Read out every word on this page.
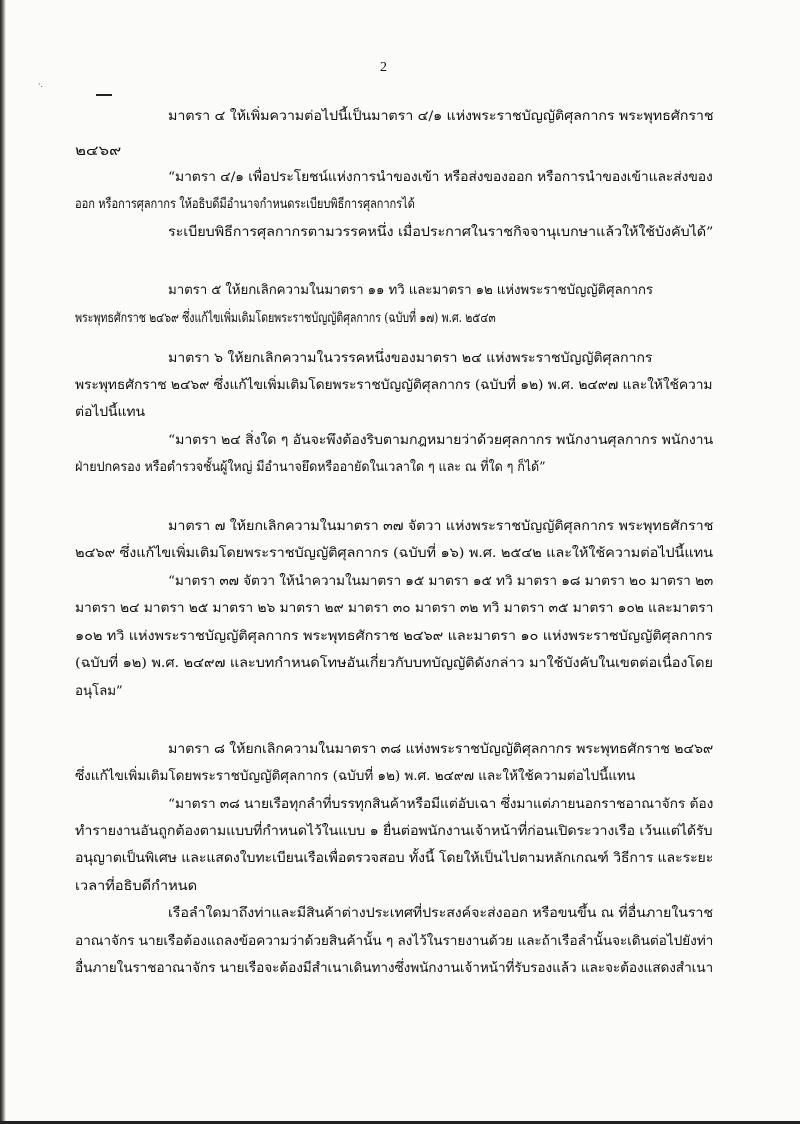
·.
2
มาตรา ๔ ให้เพิ่มความต่อไปนี้เป็นมาตรา ๔/๑ แห่งพระราชบัญญัติศุลกากร พระพุทธศักราช
๒๔๖๙
“มาตรา ๔/๑ เพื่อประโยชน์แห่งการนำของเข้า หรือส่งของออก หรือการนำของเข้าและส่งของ
ออก หรือการศุลกากร ให้อธิบดีมีอำนาจกำหนดระเบียบพิธีการศุลกากรได้
ระเบียบพิธีการศุลกากรตามวรรคหนึ่ง เมื่อประกาศในราชกิจจานุเบกษาแล้วให้ใช้บังคับได้”
มาตรา ๕ ให้ยกเลิกความในมาตรา ๑๑ ทวิ และมาตรา ๑๒ แห่งพระราชบัญญัติศุลกากร
พระพุทธศักราช ๒๔๖๙ ซึ่งแก้ไขเพิ่มเติมโดยพระราชบัญญัติศุลกากร (ฉบับที่ ๑๗) พ.ศ. ๒๕๔๓
มาตรา ๖ ให้ยกเลิกความในวรรคหนึ่งของมาตรา ๒๔ แห่งพระราชบัญญัติศุลกากร
พระพุทธศักราช ๒๔๖๙ ซึ่งแก้ไขเพิ่มเติมโดยพระราชบัญญัติศุลกากร (ฉบับที่ ๑๒) พ.ศ. ๒๔๙๗ และให้ใช้ความ
ต่อไปนี้แทน
“มาตรา ๒๔ สิ่งใด ๆ อันจะพึงต้องริบตามกฎหมายว่าด้วยศุลกากร พนักงานศุลกากร พนักงาน
ฝ่ายปกครอง หรือตำรวจชั้นผู้ใหญ่ มีอำนาจยึดหรืออายัดในเวลาใด ๆ และ ณ ที่ใด ๆ ก็ได้”
มาตรา ๗ ให้ยกเลิกความในมาตรา ๓๗ จัตวา แห่งพระราชบัญญัติศุลกากร พระพุทธศักราช
๒๔๖๙ ซึ่งแก้ไขเพิ่มเติมโดยพระราชบัญญัติศุลกากร (ฉบับที่ ๑๖) พ.ศ. ๒๕๔๒ และให้ใช้ความต่อไปนี้แทน
“มาตรา ๓๗ จัตวา ให้นำความในมาตรา ๑๕ มาตรา ๑๕ ทวิ มาตรา ๑๘ มาตรา ๒๐ มาตรา ๒๓
มาตรา ๒๔ มาตรา ๒๕ มาตรา ๒๖ มาตรา ๒๙ มาตรา ๓๐ มาตรา ๓๒ ทวิ มาตรา ๓๕ มาตรา ๑๐๒ และมาตรา
๑๐๒ ทวิ แห่งพระราชบัญญัติศุลกากร พระพุทธศักราช ๒๔๖๙ และมาตรา ๑๐ แห่งพระราชบัญญัติศุลกากร
(ฉบับที่ ๑๒) พ.ศ. ๒๔๙๗ และบทกำหนดโทษอันเกี่ยวกับบทบัญญัติดังกล่าว มาใช้บังคับในเขตต่อเนื่องโดย
อนุโลม”
มาตรา ๘ ให้ยกเลิกความในมาตรา ๓๘ แห่งพระราชบัญญัติศุลกากร พระพุทธศักราช ๒๔๖๙
ซึ่งแก้ไขเพิ่มเติมโดยพระราชบัญญัติศุลกากร (ฉบับที่ ๑๒) พ.ศ. ๒๔๙๗ และให้ใช้ความต่อไปนี้แทน
“มาตรา ๓๘ นายเรือทุกลำที่บรรทุกสินค้าหรือมีแต่อับเฉา ซึ่งมาแต่ภายนอกราชอาณาจักร ต้อง
ทำรายงานอันถูกต้องตามแบบที่กำหนดไว้ในแบบ ๑ ยื่นต่อพนักงานเจ้าหน้าที่ก่อนเปิดระวางเรือ เว้นแต่ได้รับ
อนุญาตเป็นพิเศษ และแสดงใบทะเบียนเรือเพื่อตรวจสอบ ทั้งนี้ โดยให้เป็นไปตามหลักเกณฑ์ วิธีการ และระยะ
เวลาที่อธิบดีกำหนด
เรือลำใดมาถึงท่าและมีสินค้าต่างประเทศที่ประสงค์จะส่งออก หรือขนขึ้น ณ ที่อื่นภายในราช
อาณาจักร นายเรือต้องแถลงข้อความว่าด้วยสินค้านั้น ๆ ลงไว้ในรายงานด้วย และถ้าเรือลำนั้นจะเดินต่อไปยังท่า
อื่นภายในราชอาณาจักร นายเรือจะต้องมีสำเนาเดินทางซึ่งพนักงานเจ้าหน้าที่รับรองแล้ว และจะต้องแสดงสำเนา
